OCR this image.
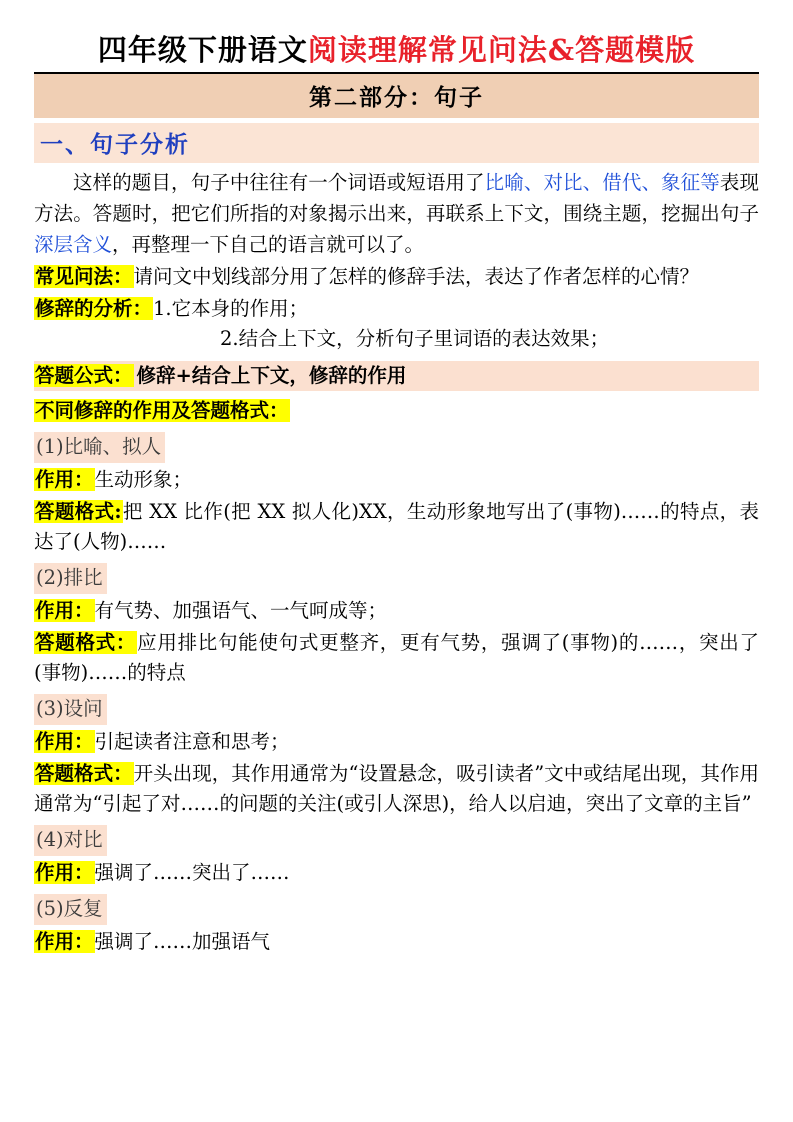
四年级下册语文 阅读理解常见问法&答题模版
第二部分：句子
一、句子分析

这样的题目，句子中往往有一个词语或短语用了比喻、对比、借代、象征等表现方法。答题时，把它们所指的对象揭示出来，再联系上下文，围绕主题，挖掘出句子深层含义，再整理一下自己的语言就可以了。

常见问法：请问文中划线部分用了怎样的修辞手法，表达了作者怎样的心情？
修辞的分析：1.它本身的作用；
2.结合上下文，分析句子里词语的表达效果；
答题公式： 修辞+结合上下文，修辞的作用
不同修辞的作用及答题格式：
(1)比喻、拟人
作用：生动形象；
答题格式:把 XX 比作(把 XX 拟人化)XX，生动形象地写出了(事物)……的特点，表达了(人物)……
(2)排比
作用：有气势、加强语气、一气呵成等；
答题格式：应用排比句能使句式更整齐，更有气势，强调了(事物)的……，突出了(事物)……的特点
(3)设问
作用：引起读者注意和思考；
答题格式：开头出现，其作用通常为“设置悬念，吸引读者”文中或结尾出现，其作用通常为“引起了对……的问题的关注(或引人深思)，给人以启迪，突出了文章的主旨”
(4)对比
作用：强调了……突出了……
(5)反复
作用：强调了……加强语气
